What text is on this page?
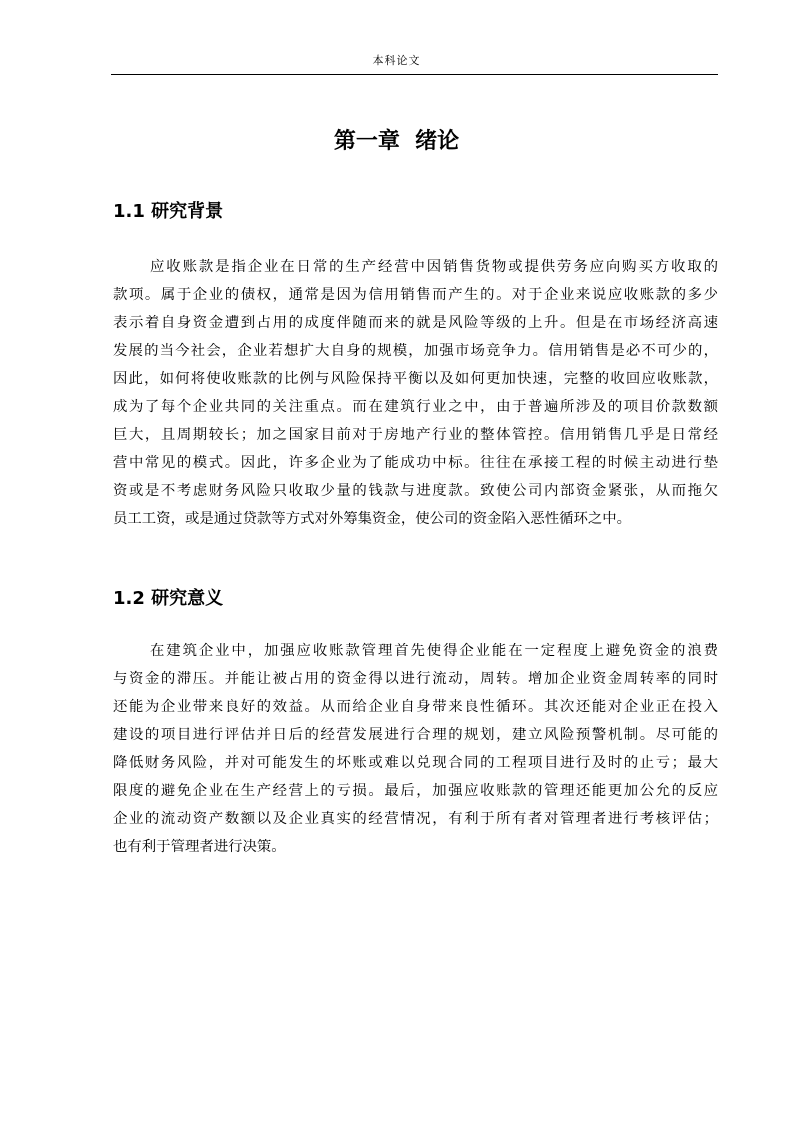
本科论文
第一章  绪论
1.1 研究背景
应收账款是指企业在日常的生产经营中因销售货物或提供劳务应向购买方收取的
款项。属于企业的债权，通常是因为信用销售而产生的。对于企业来说应收账款的多少
表示着自身资金遭到占用的成度伴随而来的就是风险等级的上升。但是在市场经济高速
发展的当今社会，企业若想扩大自身的规模，加强市场竞争力。信用销售是必不可少的，
因此，如何将使收账款的比例与风险保持平衡以及如何更加快速，完整的收回应收账款，
成为了每个企业共同的关注重点。而在建筑行业之中，由于普遍所涉及的项目价款数额
巨大，且周期较长；加之国家目前对于房地产行业的整体管控。信用销售几乎是日常经
营中常见的模式。因此，许多企业为了能成功中标。往往在承接工程的时候主动进行垫
资或是不考虑财务风险只收取少量的钱款与进度款。致使公司内部资金紧张，从而拖欠
员工工资，或是通过贷款等方式对外筹集资金，使公司的资金陷入恶性循环之中。
1.2 研究意义
在建筑企业中，加强应收账款管理首先使得企业能在一定程度上避免资金的浪费
与资金的滞压。并能让被占用的资金得以进行流动，周转。增加企业资金周转率的同时
还能为企业带来良好的效益。从而给企业自身带来良性循环。其次还能对企业正在投入
建设的项目进行评估并日后的经营发展进行合理的规划，建立风险预警机制。尽可能的
降低财务风险，并对可能发生的坏账或难以兑现合同的工程项目进行及时的止亏；最大
限度的避免企业在生产经营上的亏损。最后，加强应收账款的管理还能更加公允的反应
企业的流动资产数额以及企业真实的经营情况，有利于所有者对管理者进行考核评估；
也有利于管理者进行决策。
